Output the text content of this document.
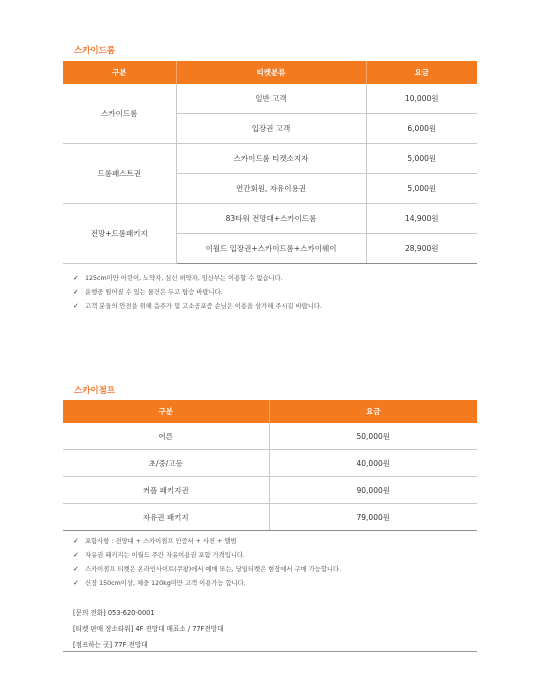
스카이드롬
구분	티켓분류	요금
스카이드롬	일반 고객	10,000원
	입장권 고객	6,000원
드롬패스트권	스카이드롬 티켓소지자	5,000원
	연간회원, 자유이용권	5,000원
전망+드롬패키지	83타워 전망대+스카이드롬	14,900원
	이월드 입장권+스카이드롬+스카이웨이	28,900원
✓ 125cm미만 어린이, 노약자, 심신 허약자, 임산부는 이용할 수 없습니다.
✓ 운행중 떨어질 수 있는 물건은 두고 탑승 바랍니다.
✓ 고객 분들의 안전을 위해 음주가 및 고소공포증 손님은 이용을 삼가해 주시길 바랍니다.
스카이점프
구분	요금
어른	50,000원
초/중/고등	40,000원
커플 패키지권	90,000원
자유권 패키지	79,000원
✓ 포함사항 : 전망대 + 스카이점프 인증서 + 사진 + 앨범
✓ 자유권 패키지는 이월드 주간 자유이용권 포함 가격입니다.
✓ 스카이점프 티켓은 온라인사이트(쿠팡)에서 예매 또는, 당일티켓은 현장에서 구매 가능합니다.
✓ 신장 150cm이상, 체중 120kg미만 고객 이용가능 합니다.
[문의 전화] 053-620-0001
[티켓 판매 장소타워] 4F 전망대 매표소 / 77F전망대
[점프하는 곳] 77F 전망대
